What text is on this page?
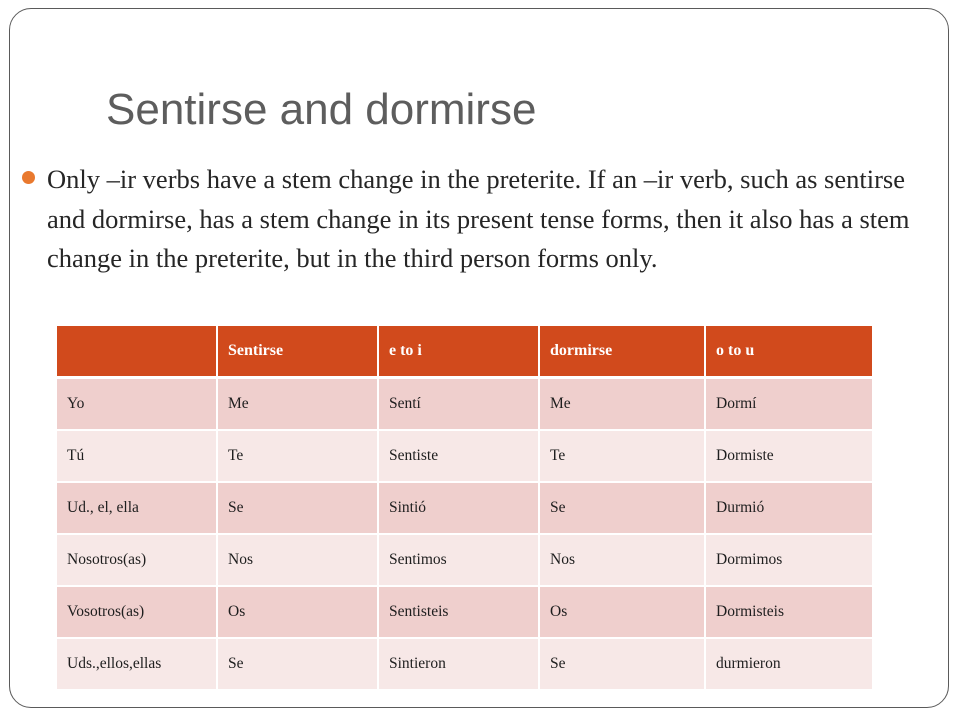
Sentirse and dormirse
Only –ir verbs have a stem change in the preterite. If an –ir verb, such as sentirse and dormirse, has a stem change in its present tense forms, then it also has a stem change in the preterite, but in the third person forms only.
	Sentirse	e to i	dormirse	o to u
Yo	Me	Sentí	Me	Dormí
Tú	Te	Sentiste	Te	Dormiste
Ud., el, ella	Se	Sintió	Se	Durmió
Nosotros(as)	Nos	Sentimos	Nos	Dormimos
Vosotros(as)	Os	Sentisteis	Os	Dormisteis
Uds.,ellos,ellas	Se	Sintieron	Se	durmieron
